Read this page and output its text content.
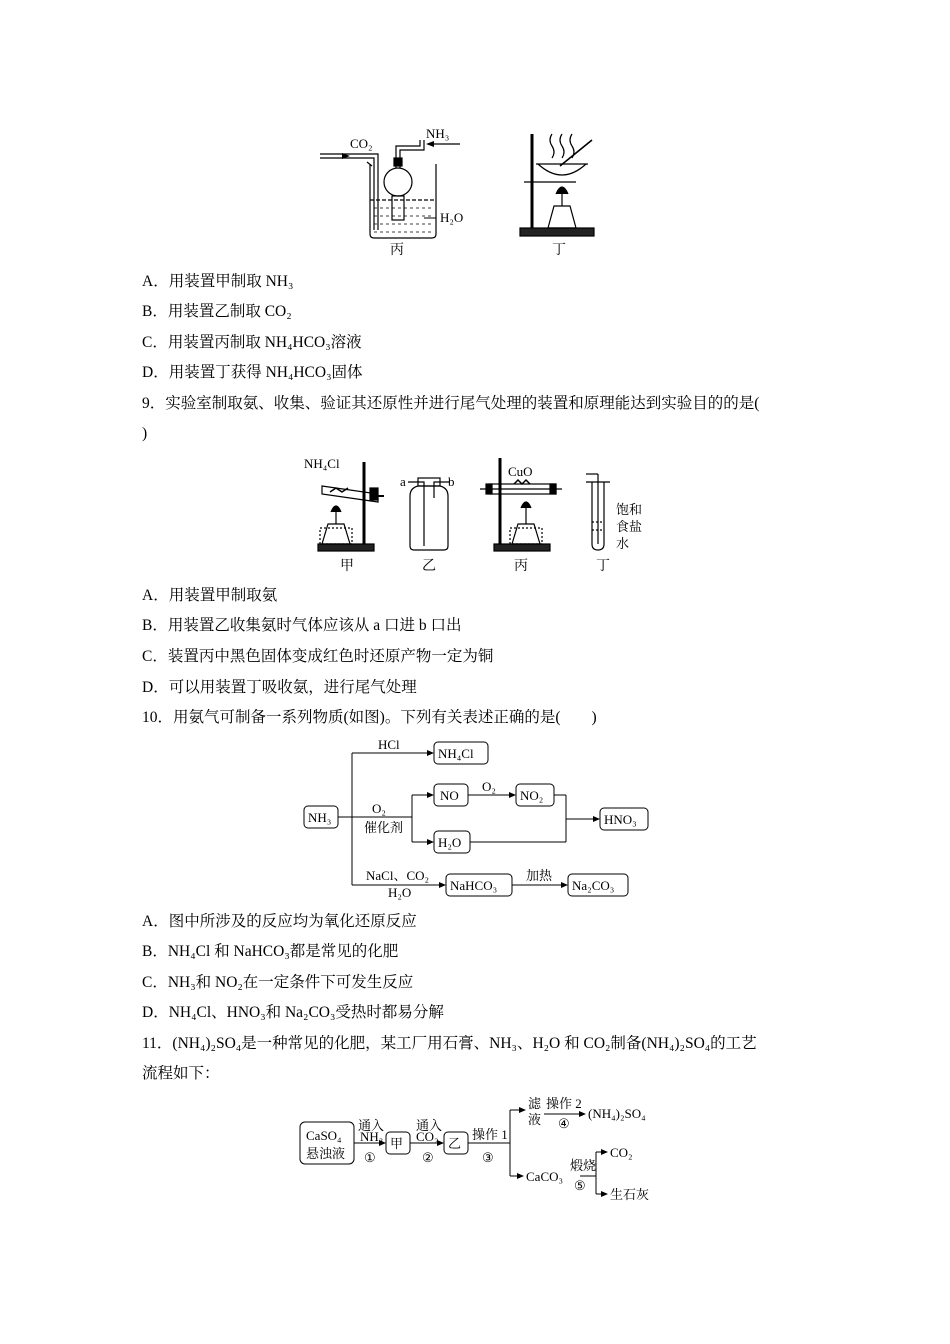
CO₂
NH₃
H₂O
丙	丁
A．用装置甲制取 NH₃
B．用装置乙制取 CO₂
C．用装置丙制取 NH₄HCO₃溶液
D．用装置丁获得 NH₄HCO₃固体
9．实验室制取氨、收集、验证其还原性并进行尾气处理的装置和原理能达到实验目的的是(
)
NH₄Cl
a	b
CuO
饱和
食盐
水
甲	乙	丙	丁
A．用装置甲制取氨
B．用装置乙收集氨时气体应该从 a 口进 b 口出
C．装置丙中黑色固体变成红色时还原产物一定为铜
D．可以用装置丁吸收氨，进行尾气处理
10．用氨气可制备一系列物质(如图)。下列有关表述正确的是(　　)
NH₃
HCl
NH₄Cl
O₂
催化剂
NO
O₂
NO₂
H₂O
HNO₃
NaCl、CO₂
H₂O	NaHCO₃
加热
Na₂CO₃
A．图中所涉及的反应均为氧化还原反应
B．NH₄Cl 和 NaHCO₃都是常见的化肥
C．NH₃和 NO₂在一定条件下可发生反应
D．NH₄Cl、HNO₃和 Na₂CO₃受热时都易分解
11．(NH₄)₂SO₄是一种常见的化肥，某工厂用石膏、NH₃、H₂O 和 CO₂制备(NH₄)₂SO₄的工艺
流程如下：
CaSO₄
悬浊液
通入
NH₃
①
甲
通入
CO₂
②
乙
操作 1
③
滤
液
操作 2
④
(NH₄)₂SO₄
CaCO₃
煅烧
⑤
CO₂
生石灰
